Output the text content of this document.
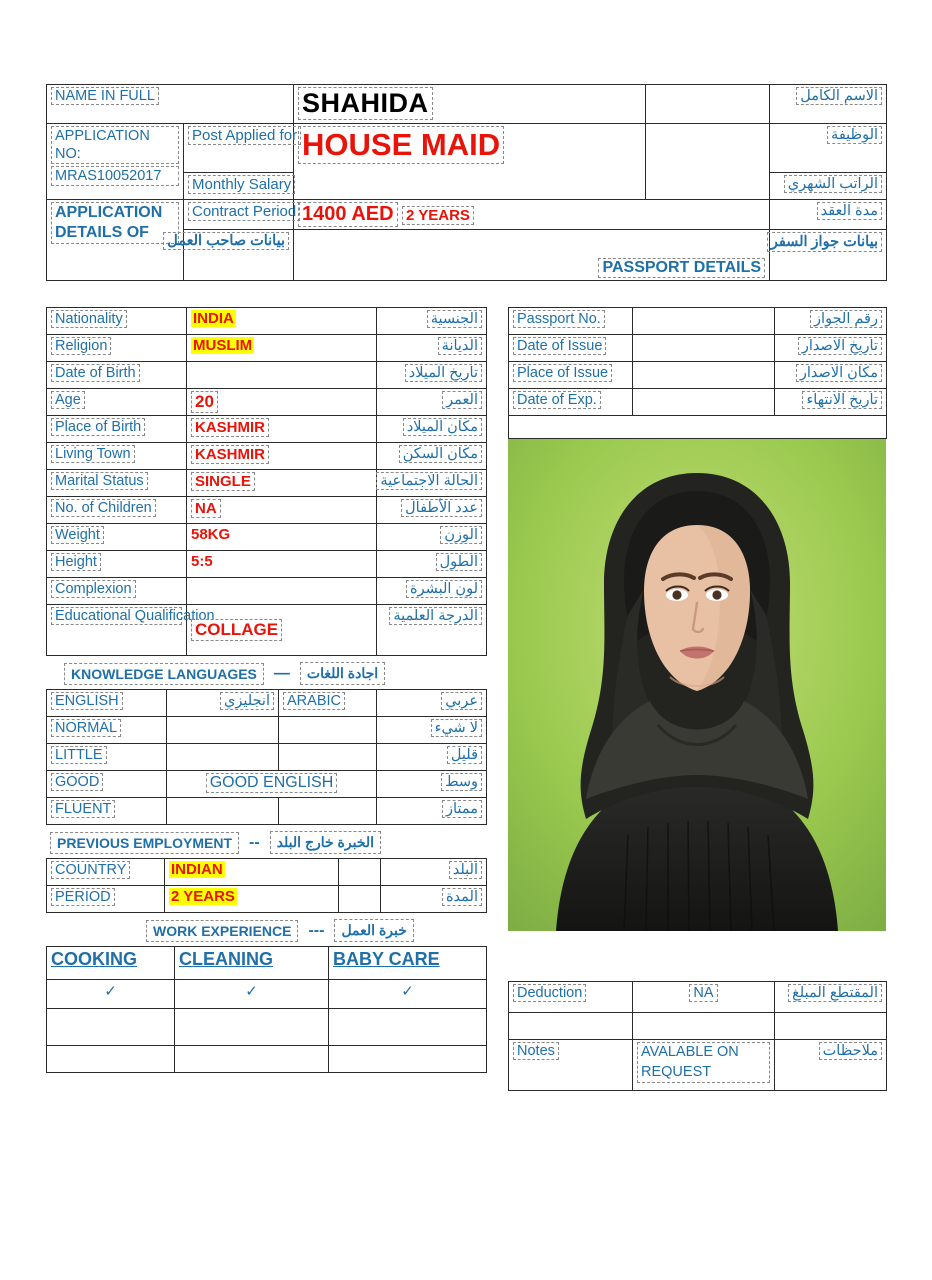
NAME IN FULL		SHAHIDA		الاسم الكامل

APPLICATION NO:
MRAS10052017	Post Applied for	HOUSE MAID		الوظيفة

	Monthly Salary			الراتب الشهري

APPLICATION DETAILS OF	Contract Period	1400 AED 2 YEARS		مدة العقد

	بيانات صاحب العمل	PASSPORT DETAILS		بيانات جواز السفر
Nationality	INDIA	الجنسية

Religion	MUSLIM	الديانة

Date of Birth		تاريخ الميلاد

Age	20	العمر

Place of Birth	KASHMIR	مكان الميلاد

Living Town	KASHMIR	مكان السكن

Marital Status	SINGLE	الحالة الاجتماعية

No. of Children	NA	عدد الأطفال

Weight	58KG	الوزن

Height	5:5	الطول

Complexion		لون البشرة

Educational Qualification	COLLAGE	الدرجة العلمية
KNOWLEDGE LANGUAGES	—	اجادة اللغات
ENGLISH	انجليزي	ARABIC	عربي

NORMAL			لا شيء

LITTLE			قليل

GOOD	GOOD ENGLISH		وسط

FLUENT			ممتاز
PREVIOUS EMPLOYMENT	--	الخبرة خارج البلد
COUNTRY	INDIAN		البلد

PERIOD	2 YEARS		المدة
WORK EXPERIENCE	---	خبرة العمل
COOKING	CLEANING	BABY CARE

✓	✓	✓

Passport No.		رقم الجواز

Date of Issue		تاريخ الاصدار

Place of Issue		مكان الاصدار

Date of Exp.		تاريخ الانتهاء

Deduction	NA	المقتطع المبلغ

Notes	AVALABLE ON REQUEST	ملاحظات
